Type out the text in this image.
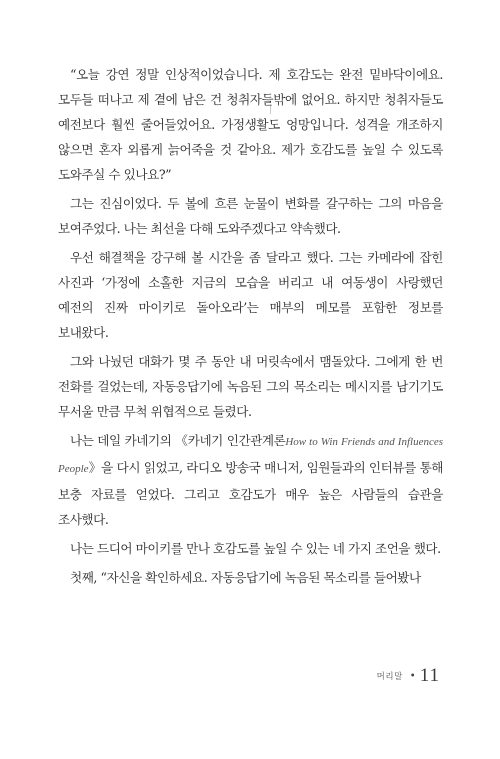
“오늘 강연 정말 인상적이었습니다. 제 호감도는 완전 밑바닥이에요. 모두들 떠나고 제 곁에 남은 건 청취자들밖에 없어요. 하지만 청취자들도 예전보다 훨씬 줄어들었어요. 가정생활도 엉망입니다. 성격을 개조하지 않으면 혼자 외롭게 늙어죽을 것 같아요. 제가 호감도를 높일 수 있도록 도와주실 수 있나요?”

그는 진심이었다. 두 볼에 흐른 눈물이 변화를 갈구하는 그의 마음을 보여주었다. 나는 최선을 다해 도와주겠다고 약속했다.

우선 해결책을 강구해 볼 시간을 좀 달라고 했다. 그는 카메라에 잡힌 사진과 ‘가정에 소홀한 지금의 모습을 버리고 내 여동생이 사랑했던 예전의 진짜 마이키로 돌아오라’는 매부의 메모를 포함한 정보를 보내왔다.

그와 나눴던 대화가 몇 주 동안 내 머릿속에서 맴돌았다. 그에게 한 번 전화를 걸었는데, 자동응답기에 녹음된 그의 목소리는 메시지를 남기기도 무서울 만큼 무척 위협적으로 들렸다.

나는 데일 카네기의 《카네기 인간관계론How to Win Friends and Influences People》을 다시 읽었고, 라디오 방송국 매니저, 임원들과의 인터뷰를 통해 보충 자료를 얻었다. 그리고 호감도가 매우 높은 사람들의 습관을 조사했다.

나는 드디어 마이키를 만나 호감도를 높일 수 있는 네 가지 조언을 했다.

첫째, “자신을 확인하세요. 자동응답기에 녹음된 목소리를 들어봤나

머리말 • 11
